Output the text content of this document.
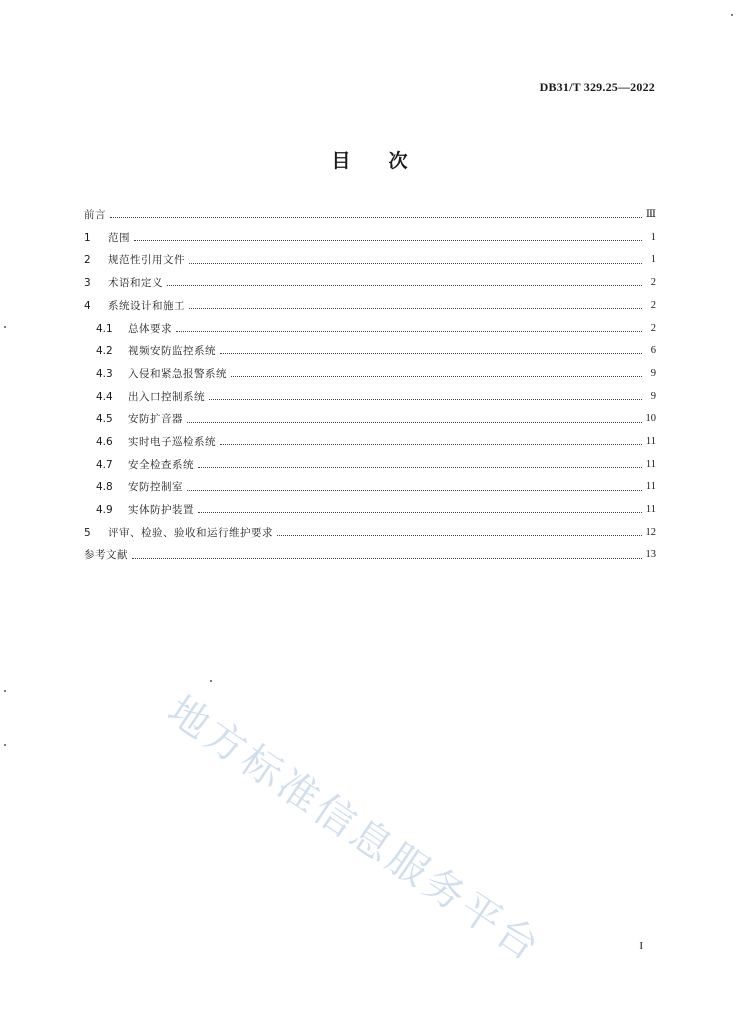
DB31/T 329.25—2022
目 次
前言	Ⅲ
1	范围	1
2	规范性引用文件	1
3	术语和定义	2
4	系统设计和施工	2
4.1	总体要求	2
4.2	视频安防监控系统	6
4.3	入侵和紧急报警系统	9
4.4	出入口控制系统	9
4.5	安防扩音器	10
4.6	实时电子巡检系统	11
4.7	安全检查系统	11
4.8	安防控制室	11
4.9	实体防护装置	11
5	评审、检验、验收和运行维护要求	12
参考文献	13
地方标准信息服务平台	I
